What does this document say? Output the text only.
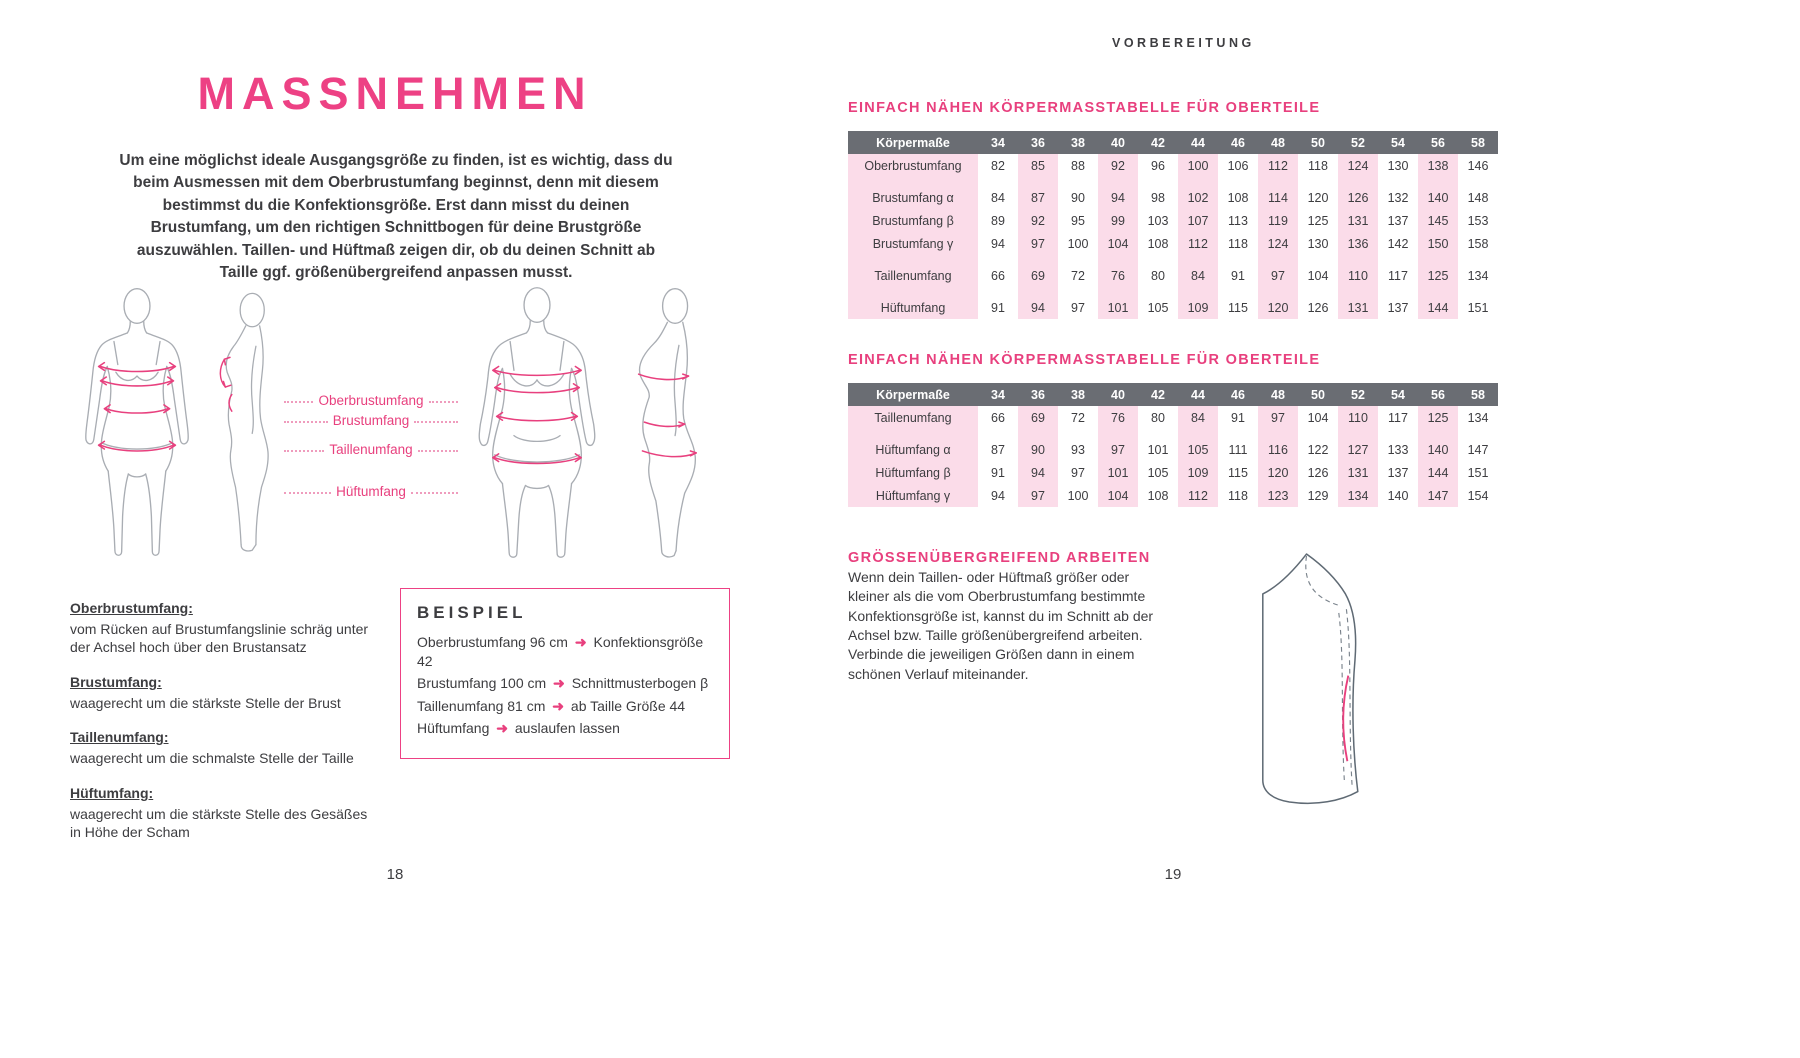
MASSNEHMEN

Um eine möglichst ideale Ausgangsgröße zu finden, ist es wichtig, dass du beim Ausmessen mit dem Oberbrustumfang beginnst, denn mit diesem bestimmst du die Konfektionsgröße. Erst dann misst du deinen Brustumfang, um den richtigen Schnittbogen für deine Brustgröße auszuwählen. Taillen- und Hüftmaß zeigen dir, ob du deinen Schnitt ab Taille ggf. größenübergreifend anpassen musst.

Oberbrustumfang
Brustumfang
Taillenumfang
Hüftumfang
Oberbrustumfang:
vom Rücken auf Brustumfangslinie schräg unter der Achsel hoch über den Brustansatz
Brustumfang:
waagerecht um die stärkste Stelle der Brust
Taillenumfang:
waagerecht um die schmalste Stelle der Taille
Hüftumfang:
waagerecht um die stärkste Stelle des Gesäßes in Höhe der Scham
BEISPIEL
Oberbrustumfang 96 cm ➜ Konfektionsgröße 42
Brustumfang 100 cm ➜ Schnittmusterbogen β
Taillenumfang 81 cm ➜ ab Taille Größe 44
Hüftumfang ➜ auslaufen lassen
18
VORBEREITUNG
EINFACH NÄHEN KÖRPERMASSTABELLE FÜR OBERTEILE
Körpermaße	34	36	38	40	42	44	46	48	50	52	54	56	58
Oberbrustumfang	82	85	88	92	96	100	106	112	118	124	130	138	146

Brustumfang α	84	87	90	94	98	102	108	114	120	126	132	140	148
Brustumfang β	89	92	95	99	103	107	113	119	125	131	137	145	153
Brustumfang γ	94	97	100	104	108	112	118	124	130	136	142	150	158

Taillenumfang	66	69	72	76	80	84	91	97	104	110	117	125	134

Hüftumfang	91	94	97	101	105	109	115	120	126	131	137	144	151
EINFACH NÄHEN KÖRPERMASSTABELLE FÜR OBERTEILE
Körpermaße	34	36	38	40	42	44	46	48	50	52	54	56	58
Taillenumfang	66	69	72	76	80	84	91	97	104	110	117	125	134

Hüftumfang α	87	90	93	97	101	105	111	116	122	127	133	140	147
Hüftumfang β	91	94	97	101	105	109	115	120	126	131	137	144	151
Hüftumfang γ	94	97	100	104	108	112	118	123	129	134	140	147	154
GRÖSSENÜBERGREIFEND ARBEITEN

Wenn dein Taillen- oder Hüftmaß größer oder kleiner als die vom Oberbrustumfang bestimmte Konfektionsgröße ist, kannst du im Schnitt ab der Achsel bzw. Taille größenübergreifend arbeiten. Verbinde die jeweiligen Größen dann in einem schönen Verlauf miteinander.

19
